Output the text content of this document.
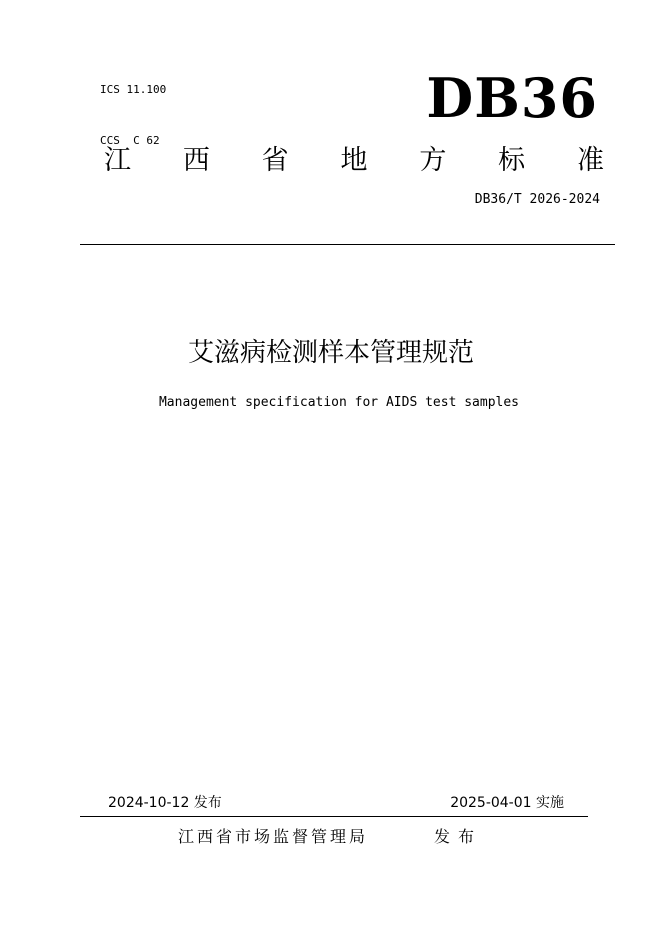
ICS 11.100

CCS  C 62

DB36
江 西 省 地 方 标 准
DB36/T 2026-2024
艾滋病检测样本管理规范
Management specification for AIDS test samples
2024-10-12 发布	2025-04-01 实施
江西省市场监督管理局	发布
